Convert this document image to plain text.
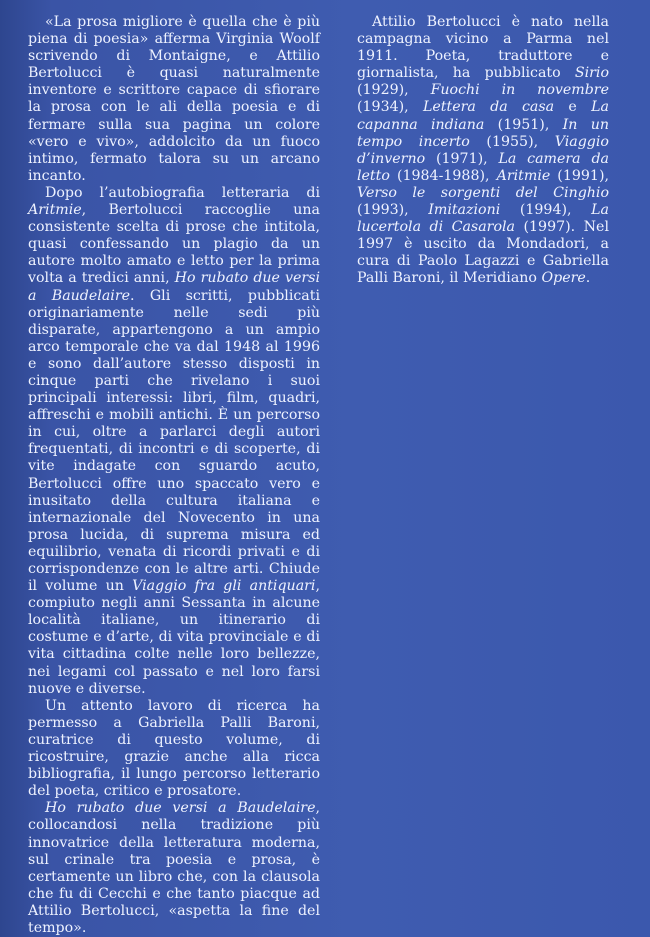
«La prosa migliore è quella che è più piena di poesia» afferma Virginia Woolf scrivendo di Montaigne, e Attilio Bertolucci è quasi naturalmente inventore e scrittore capace di sfiorare la prosa con le ali della poesia e di fermare sulla sua pagina un colore «vero e vivo», addolcito da un fuoco intimo, fermato talora su un arcano incanto.

Dopo l’autobiografia letteraria di Aritmie, Bertolucci raccoglie una consistente scelta di prose che intitola, quasi confessando un plagio da un autore molto amato e letto per la prima volta a tredici anni, Ho rubato due versi a Baudelaire. Gli scritti, pubblicati originariamente nelle sedi più disparate, appartengono a un ampio arco temporale che va dal 1948 al 1996 e sono dall’autore stesso disposti in cinque parti che rivelano i suoi principali interessi: libri, film, quadri, affreschi e mobili antichi. È un percorso in cui, oltre a parlarci degli autori frequentati, di incontri e di scoperte, di vite indagate con sguardo acuto, Bertolucci offre uno spaccato vero e inusitato della cultura italiana e internazionale del Novecento in una prosa lucida, di suprema misura ed equilibrio, venata di ricordi privati e di corrispondenze con le altre arti. Chiude il volume un Viaggio fra gli antiquari, compiuto negli anni Sessanta in alcune località italiane, un itinerario di costume e d’arte, di vita provinciale e di vita cittadina colte nelle loro bellezze, nei legami col passato e nel loro farsi nuove e diverse.

Un attento lavoro di ricerca ha permesso a Gabriella Palli Baroni, curatrice di questo volume, di ricostruire, grazie anche alla ricca bibliografia, il lungo percorso letterario del poeta, critico e prosatore.

Ho rubato due versi a Baudelaire, collocandosi nella tradizione più innovatrice della letteratura moderna, sul crinale tra poesia e prosa, è certamente un libro che, con la clausola che fu di Cecchi e che tanto piacque ad Attilio Bertolucci, «aspetta la fine del tempo».

Attilio Bertolucci è nato nella campagna vicino a Parma nel 1911. Poeta, traduttore e giornalista, ha pubblicato Sirio (1929), Fuochi in novembre (1934), Lettera da casa e La capanna indiana (1951), In un tempo incerto (1955), Viaggio d’inverno (1971), La camera da letto (1984-1988), Aritmie (1991), Verso le sorgenti del Cinghio (1993), Imitazioni (1994), La lucertola di Casarola (1997). Nel 1997 è uscito da Mondadori, a cura di Paolo Lagazzi e Gabriella Palli Baroni, il Meridiano Opere.
